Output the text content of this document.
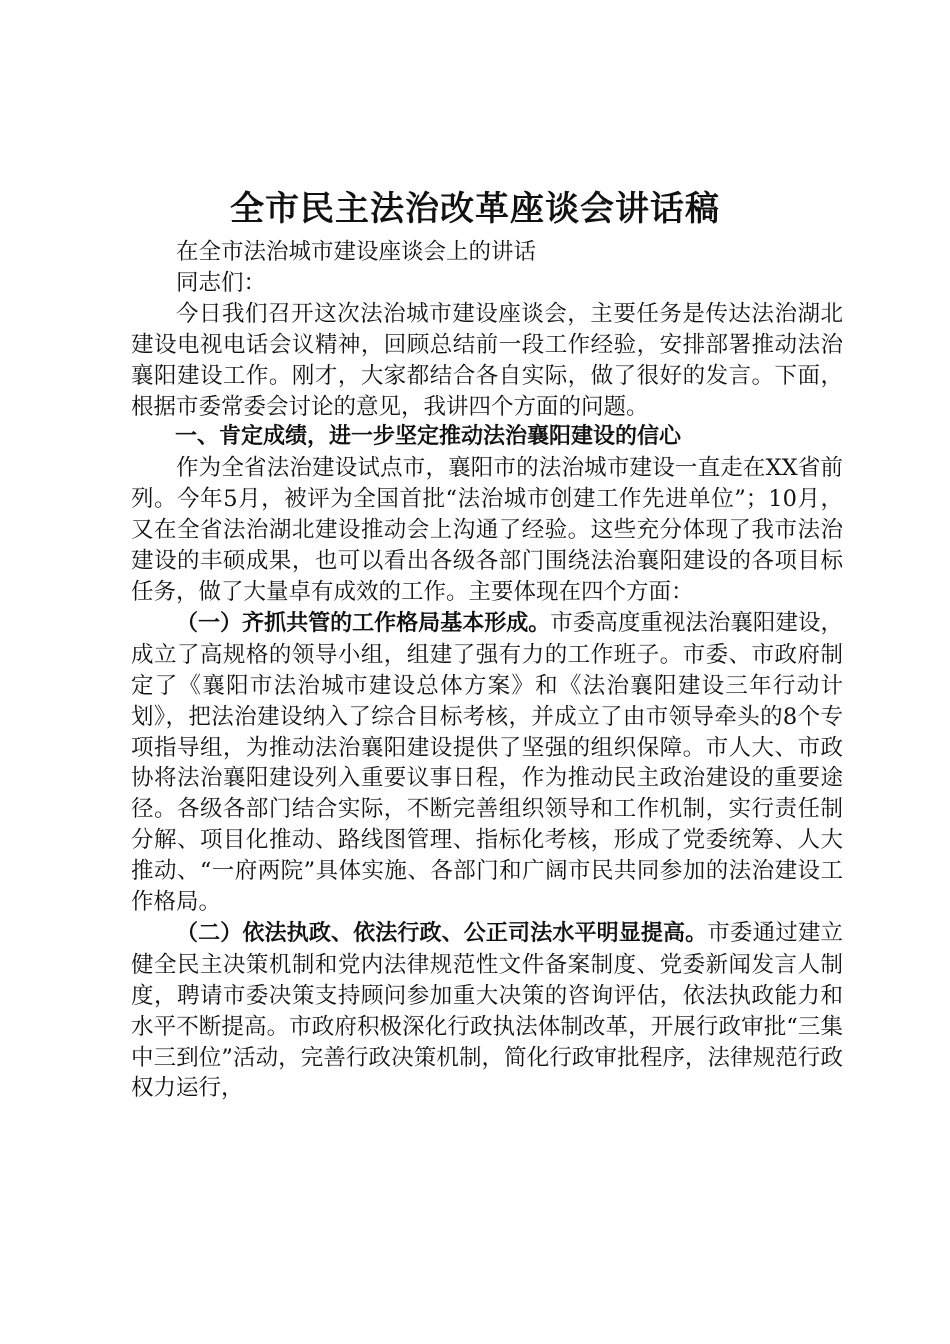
全市民主法治改革座谈会讲话稿

在全市法治城市建设座谈会上的讲话

同志们：

今日我们召开这次法治城市建设座谈会，主要任务是传达法治湖北建设电视电话会议精神，回顾总结前一段工作经验，安排部署推动法治襄阳建设工作。刚才，大家都结合各自实际，做了很好的发言。下面，根据市委常委会讨论的意见，我讲四个方面的问题。

一、肯定成绩，进一步坚定推动法治襄阳建设的信心

作为全省法治建设试点市，襄阳市的法治城市建设一直走在XX省前列。今年5月，被评为全国首批“法治城市创建工作先进单位”；10月，又在全省法治湖北建设推动会上沟通了经验。这些充分体现了我市法治建设的丰硕成果，也可以看出各级各部门围绕法治襄阳建设的各项目标任务，做了大量卓有成效的工作。主要体现在四个方面：

（一）齐抓共管的工作格局基本形成。市委高度重视法治襄阳建设，成立了高规格的领导小组，组建了强有力的工作班子。市委、市政府制定了《襄阳市法治城市建设总体方案》和《法治襄阳建设三年行动计划》，把法治建设纳入了综合目标考核，并成立了由市领导牵头的8个专项指导组，为推动法治襄阳建设提供了坚强的组织保障。市人大、市政协将法治襄阳建设列入重要议事日程，作为推动民主政治建设的重要途径。各级各部门结合实际，不断完善组织领导和工作机制，实行责任制分解、项目化推动、路线图管理、指标化考核，形成了党委统筹、人大推动、“一府两院”具体实施、各部门和广阔市民共同参加的法治建设工作格局。

（二）依法执政、依法行政、公正司法水平明显提高。市委通过建立健全民主决策机制和党内法律规范性文件备案制度、党委新闻发言人制度，聘请市委决策支持顾问参加重大决策的咨询评估，依法执政能力和水平不断提高。市政府积极深化行政执法体制改革，开展行政审批“三集中三到位”活动，完善行政决策机制，简化行政审批程序，法律规范行政权力运行，
